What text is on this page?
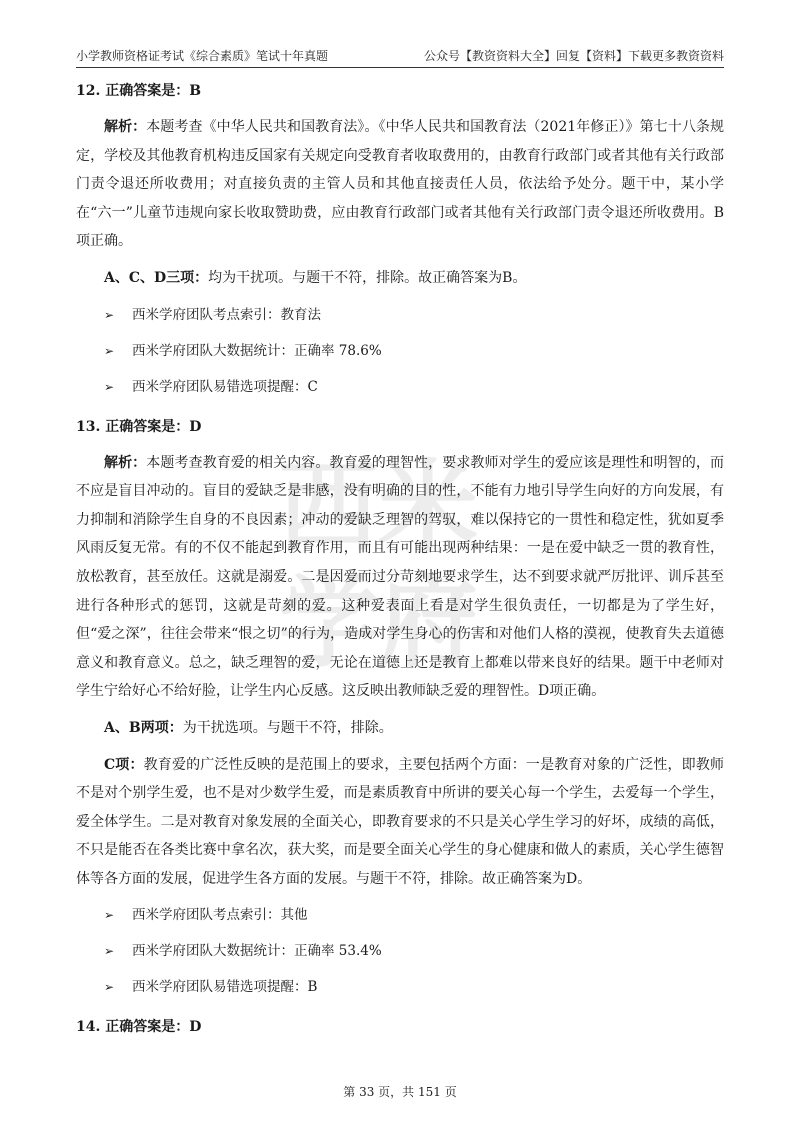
小学教师资格证考试《综合素质》笔试十年真题	公众号【教资资料大全】回复【资料】下载更多教资资料
西 米
学 府

12. 正确答案是：B

解析：本题考查《中华人民共和国教育法》。《中华人民共和国教育法（2021年修正）》第七十八条规定，学校及其他教育机构违反国家有关规定向受教育者收取费用的，由教育行政部门或者其他有关行政部门责令退还所收费用；对直接负责的主管人员和其他直接责任人员，依法给予处分。题干中，某小学在“六一”儿童节违规向家长收取赞助费，应由教育行政部门或者其他有关行政部门责令退还所收费用。B项正确。

A、C、D三项：均为干扰项。与题干不符，排除。故正确答案为B。

➢	西米学府团队考点索引：教育法

➢	西米学府团队大数据统计：正确率 78.6%

➢	西米学府团队易错选项提醒：C

13. 正确答案是：D

解析：本题考查教育爱的相关内容。教育爱的理智性，要求教师对学生的爱应该是理性和明智的，而不应是盲目冲动的。盲目的爱缺乏是非感，没有明确的目的性，不能有力地引导学生向好的方向发展，有力抑制和消除学生自身的不良因素；冲动的爱缺乏理智的驾驭，难以保持它的一贯性和稳定性，犹如夏季风雨反复无常。有的不仅不能起到教育作用，而且有可能出现两种结果：一是在爱中缺乏一贯的教育性，放松教育，甚至放任。这就是溺爱。二是因爱而过分苛刻地要求学生，达不到要求就严厉批评、训斥甚至进行各种形式的惩罚，这就是苛刻的爱。这种爱表面上看是对学生很负责任，一切都是为了学生好，但“爱之深”，往往会带来“恨之切”的行为，造成对学生身心的伤害和对他们人格的漠视，使教育失去道德意义和教育意义。总之，缺乏理智的爱，无论在道德上还是教育上都难以带来良好的结果。题干中老师对学生宁给好心不给好脸，让学生内心反感。这反映出教师缺乏爱的理智性。D项正确。

A、B两项：为干扰选项。与题干不符，排除。

C项：教育爱的广泛性反映的是范围上的要求，主要包括两个方面：一是教育对象的广泛性，即教师不是对个别学生爱，也不是对少数学生爱，而是素质教育中所讲的要关心每一个学生，去爱每一个学生，爱全体学生。二是对教育对象发展的全面关心，即教育要求的不只是关心学生学习的好坏，成绩的高低，不只是能否在各类比赛中拿名次，获大奖，而是要全面关心学生的身心健康和做人的素质，关心学生德智体等各方面的发展，促进学生各方面的发展。与题干不符，排除。故正确答案为D。

➢	西米学府团队考点索引：其他

➢	西米学府团队大数据统计：正确率 53.4%

➢	西米学府团队易错选项提醒：B

14. 正确答案是：D

第 33 页，共 151 页
